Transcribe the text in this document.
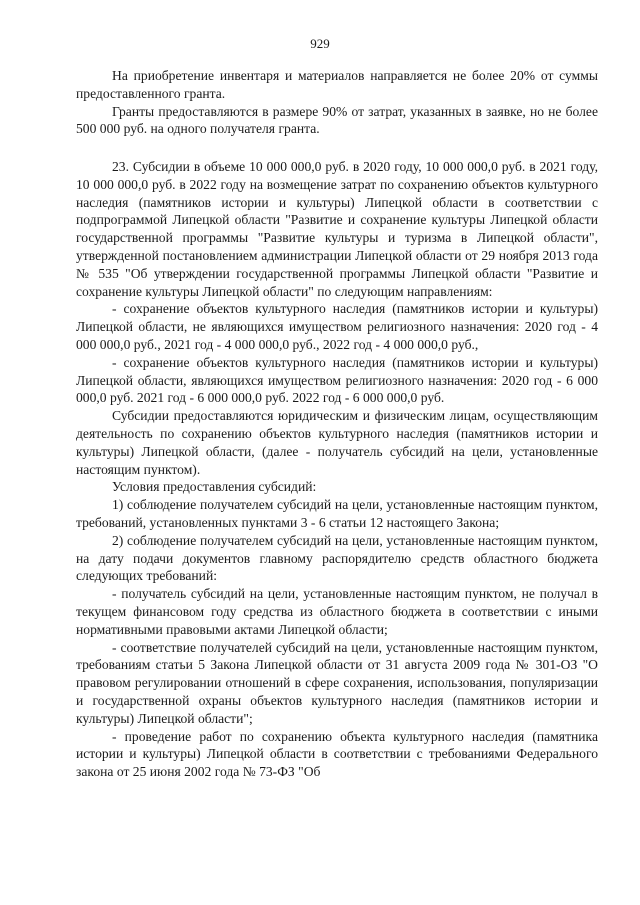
929

На приобретение инвентаря и материалов направляется не более 20% от суммы предоставленного гранта.

Гранты предоставляются в размере 90% от затрат, указанных в заявке, но не более 500 000 руб. на одного получателя гранта.

23. Субсидии в объеме 10 000 000,0 руб. в 2020 году, 10 000 000,0 руб. в 2021 году, 10 000 000,0 руб. в 2022 году на возмещение затрат по сохранению объектов культурного наследия (памятников истории и культуры) Липецкой области в соответствии с подпрограммой Липецкой области "Развитие и сохранение культуры Липецкой области государственной программы "Развитие культуры и туризма в Липецкой области", утвержденной постановлением администрации Липецкой области от 29 ноября 2013 года № 535 "Об утверждении государственной программы Липецкой области "Развитие и сохранение культуры Липецкой области" по следующим направлениям:

- сохранение объектов культурного наследия (памятников истории и культуры) Липецкой области, не являющихся имуществом религиозного назначения: 2020 год - 4 000 000,0 руб., 2021 год - 4 000 000,0 руб., 2022 год - 4 000 000,0 руб.,

- сохранение объектов культурного наследия (памятников истории и культуры) Липецкой области, являющихся имуществом религиозного назначения: 2020 год - 6 000 000,0 руб. 2021 год - 6 000 000,0 руб. 2022 год - 6 000 000,0 руб.

Субсидии предоставляются юридическим и физическим лицам, осуществляющим деятельность по сохранению объектов культурного наследия (памятников истории и культуры) Липецкой области, (далее - получатель субсидий на цели, установленные настоящим пунктом).

Условия предоставления субсидий:

1) соблюдение получателем субсидий на цели, установленные настоящим пунктом, требований, установленных пунктами 3 - 6 статьи 12 настоящего Закона;

2) соблюдение получателем субсидий на цели, установленные настоящим пунктом, на дату подачи документов главному распорядителю средств областного бюджета следующих требований:

- получатель субсидий на цели, установленные настоящим пунктом, не получал в текущем финансовом году средства из областного бюджета в соответствии с иными нормативными правовыми актами Липецкой области;

- соответствие получателей субсидий на цели, установленные настоящим пунктом, требованиям статьи 5 Закона Липецкой области от 31 августа 2009 года № 301-ОЗ "О правовом регулировании отношений в сфере сохранения, использования, популяризации и государственной охраны объектов культурного наследия (памятников истории и культуры) Липецкой области";

- проведение работ по сохранению объекта культурного наследия (памятника истории и культуры) Липецкой области в соответствии с требованиями Федерального закона от 25 июня 2002 года № 73-ФЗ "Об
